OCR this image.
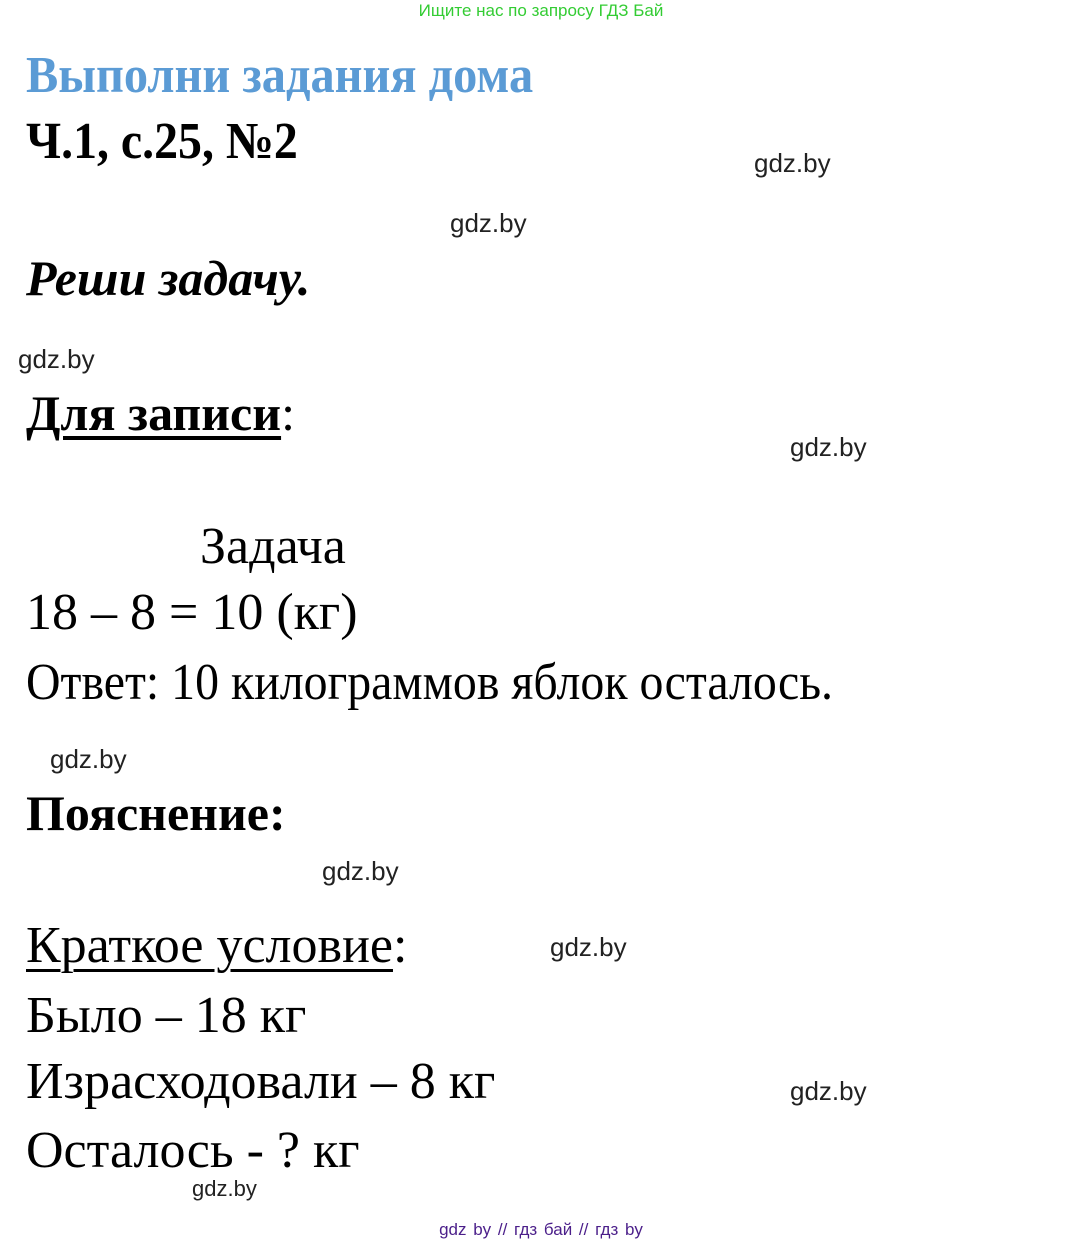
Ищите нас по запросу ГДЗ Бай
Выполни задания дома
Ч.1, с.25, №2	gdz.by
gdz.by
Реши задачу.
gdz.by
Для записи:
gdz.by
Задача
18 – 8 = 10 (кг)
Ответ: 10 килограммов яблок осталось.
gdz.by
Пояснение:
gdz.by
Краткое условие:	gdz.by
Было – 18 кг
Израсходовали – 8 кг
Осталось - ? кг
gdz.by
gdz.by
gdz by // гдз бай // гдз by
